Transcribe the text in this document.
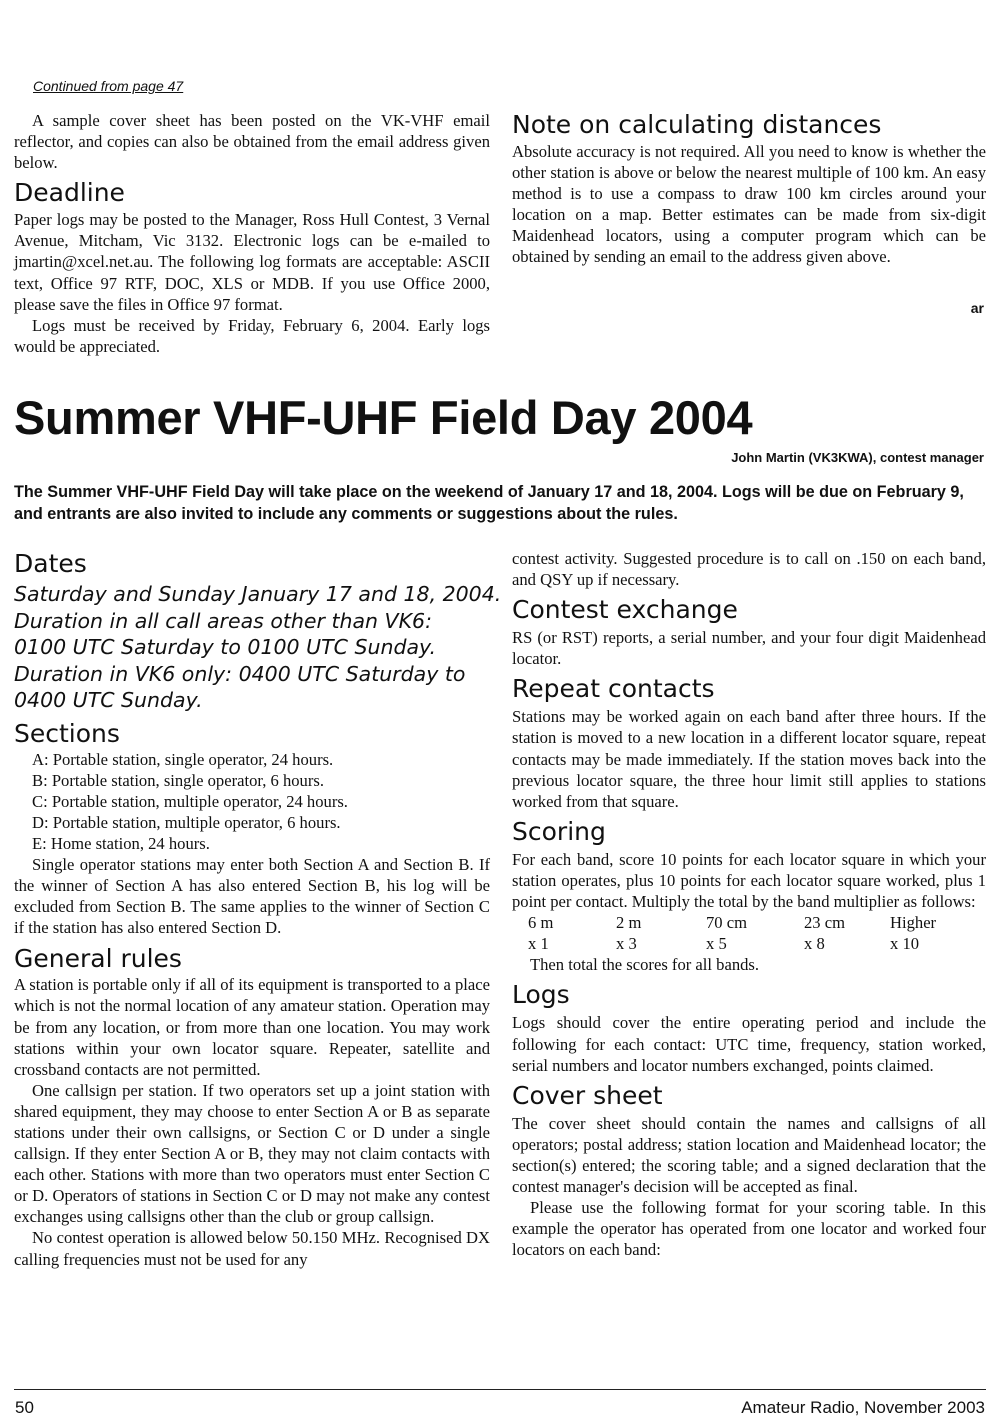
Continued from page 47

A sample cover sheet has been posted on the VK-VHF email reflector, and copies can also be obtained from the email address given below.

Deadline

Paper logs may be posted to the Manager, Ross Hull Contest, 3 Vernal Avenue, Mitcham, Vic 3132. Electronic logs can be e-mailed to jmartin@xcel.net.au. The following log formats are acceptable: ASCII text, Office 97 RTF, DOC, XLS or MDB. If you use Office 2000, please save the files in Office 97 format.

Logs must be received by Friday, February 6, 2004. Early logs would be appreciated.

Note on calculating distances

Absolute accuracy is not required. All you need to know is whether the other station is above or below the nearest multiple of 100 km. An easy method is to use a compass to draw 100 km circles around your location on a map. Better estimates can be made from six-digit Maidenhead locators, using a computer program which can be obtained by sending an email to the address given above.

ar
Summer VHF-UHF Field Day 2004
John Martin (VK3KWA), contest manager
The Summer VHF-UHF Field Day will take place on the weekend of January 17 and 18, 2004. Logs will be due on February 9, and entrants are also invited to include any comments or suggestions about the rules.
Dates
Saturday and Sunday January 17 and 18, 2004.
Duration in all call areas other than VK6:
0100 UTC Saturday to 0100 UTC Sunday.
Duration in VK6 only: 0400 UTC Saturday to
0400 UTC Sunday.
Sections
A: Portable station, single operator, 24 hours.
B: Portable station, single operator, 6 hours.
C: Portable station, multiple operator, 24 hours.
D: Portable station, multiple operator, 6 hours.
E: Home station, 24 hours.

Single operator stations may enter both Section A and Section B. If the winner of Section A has also entered Section B, his log will be excluded from Section B. The same applies to the winner of Section C if the station has also entered Section D.

General rules

A station is portable only if all of its equipment is transported to a place which is not the normal location of any amateur station. Operation may be from any location, or from more than one location. You may work stations within your own locator square. Repeater, satellite and crossband contacts are not permitted.

One callsign per station. If two operators set up a joint station with shared equipment, they may choose to enter Section A or B as separate stations under their own callsigns, or Section C or D under a single callsign. If they enter Section A or B, they may not claim contacts with each other. Stations with more than two operators must enter Section C or D. Operators of stations in Section C or D may not make any contest exchanges using callsigns other than the club or group callsign.

No contest operation is allowed below 50.150 MHz. Recognised DX calling frequencies must not be used for any

contest activity. Suggested procedure is to call on .150 on each band, and QSY up if necessary.

Contest exchange

RS (or RST) reports, a serial number, and your four digit Maidenhead locator.

Repeat contacts

Stations may be worked again on each band after three hours. If the station is moved to a new location in a different locator square, repeat contacts may be made immediately. If the station moves back into the previous locator square, the three hour limit still applies to stations worked from that square.

Scoring

For each band, score 10 points for each locator square in which your station operates, plus 10 points for each locator square worked, plus 1 point per contact. Multiply the total by the band multiplier as follows:

6 m	2 m	70 cm	23 cm	Higher
x 1	x 3	x 5	x 8	x 10

Then total the scores for all bands.

Logs

Logs should cover the entire operating period and include the following for each contact: UTC time, frequency, station worked, serial numbers and locator numbers exchanged, points claimed.

Cover sheet

The cover sheet should contain the names and callsigns of all operators; postal address; station location and Maidenhead locator; the section(s) entered; the scoring table; and a signed declaration that the contest manager's decision will be accepted as final.

Please use the following format for your scoring table. In this example the operator has operated from one locator and worked four locators on each band:

50	Amateur Radio, November 2003
